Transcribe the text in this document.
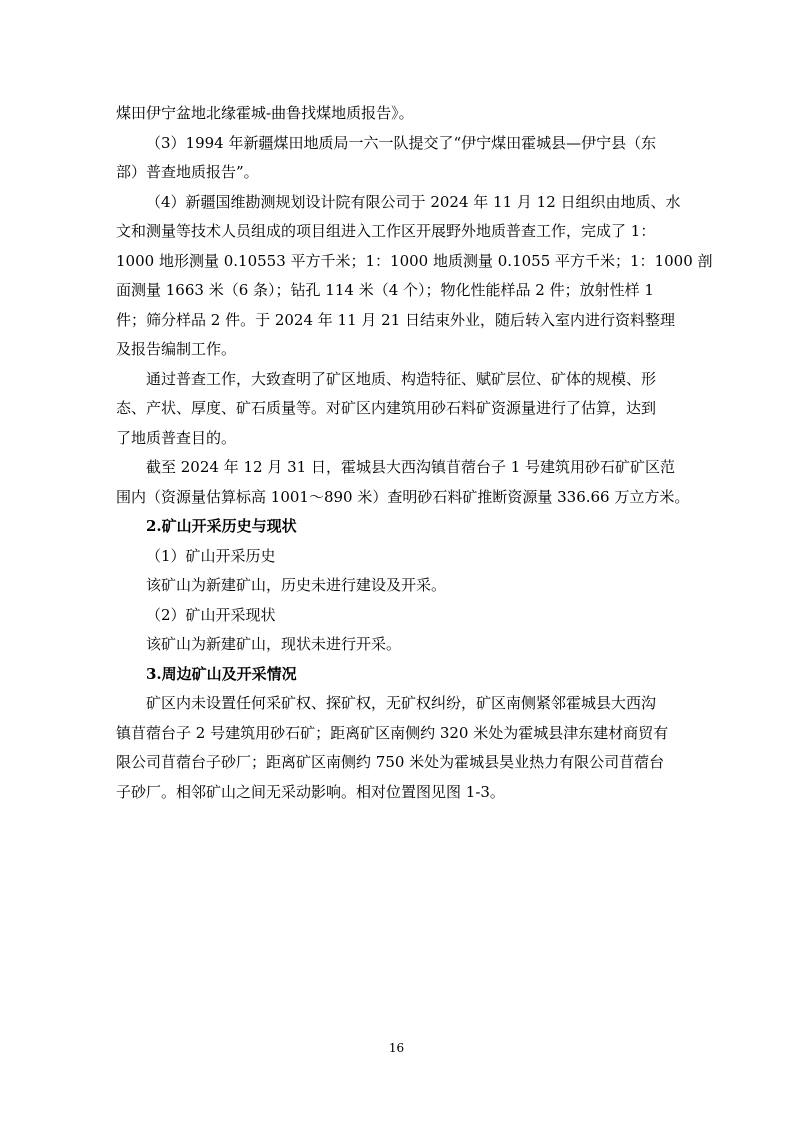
煤田伊宁盆地北缘霍城-曲鲁找煤地质报告》。
（3）1994 年新疆煤田地质局一六一队提交了“伊宁煤田霍城县—伊宁县（东
部）普查地质报告”。
（4）新疆国维勘测规划设计院有限公司于 2024 年 11 月 12 日组织由地质、水
文和测量等技术人员组成的项目组进入工作区开展野外地质普查工作，完成了 1：
1000 地形测量 0.10553 平方千米；1：1000 地质测量 0.1055 平方千米；1：1000 剖
面测量 1663 米（6 条）；钻孔 114 米（4 个）；物化性能样品 2 件；放射性样 1
件；筛分样品 2 件。于 2024 年 11 月 21 日结束外业，随后转入室内进行资料整理
及报告编制工作。
通过普查工作，大致查明了矿区地质、构造特征、赋矿层位、矿体的规模、形
态、产状、厚度、矿石质量等。对矿区内建筑用砂石料矿资源量进行了估算，达到
了地质普查目的。
截至 2024 年 12 月 31 日，霍城县大西沟镇苜蓿台子 1 号建筑用砂石矿矿区范
围内（资源量估算标高 1001～890 米）查明砂石料矿推断资源量 336.66 万立方米。
2.矿山开采历史与现状
（1）矿山开采历史
该矿山为新建矿山，历史未进行建设及开采。
（2）矿山开采现状
该矿山为新建矿山，现状未进行开采。
3.周边矿山及开采情况
矿区内未设置任何采矿权、探矿权，无矿权纠纷，矿区南侧紧邻霍城县大西沟
镇苜蓿台子 2 号建筑用砂石矿；距离矿区南侧约 320 米处为霍城县津东建材商贸有
限公司苜蓿台子砂厂；距离矿区南侧约 750 米处为霍城县昊业热力有限公司苜蓿台
子砂厂。相邻矿山之间无采动影响。相对位置图见图 1-3。
16
